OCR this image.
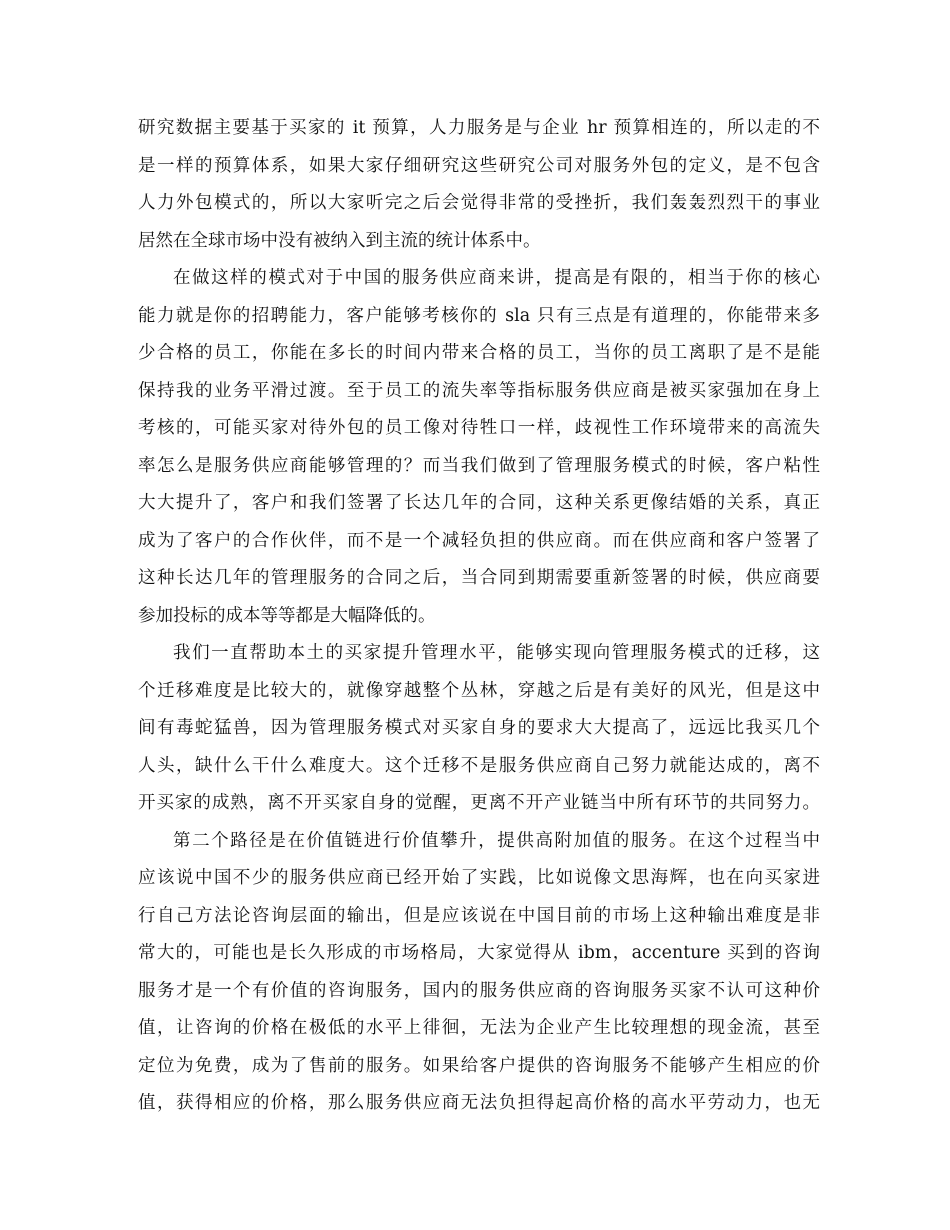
研究数据主要基于买家的 it 预算，人力服务是与企业 hr 预算相连的，所以走的不
是一样的预算体系，如果大家仔细研究这些研究公司对服务外包的定义，是不包含
人力外包模式的，所以大家听完之后会觉得非常的受挫折，我们轰轰烈烈干的事业
居然在全球市场中没有被纳入到主流的统计体系中。
在做这样的模式对于中国的服务供应商来讲，提高是有限的，相当于你的核心
能力就是你的招聘能力，客户能够考核你的 sla 只有三点是有道理的，你能带来多
少合格的员工，你能在多长的时间内带来合格的员工，当你的员工离职了是不是能
保持我的业务平滑过渡。至于员工的流失率等指标服务供应商是被买家强加在身上
考核的，可能买家对待外包的员工像对待牲口一样，歧视性工作环境带来的高流失
率怎么是服务供应商能够管理的？而当我们做到了管理服务模式的时候，客户粘性
大大提升了，客户和我们签署了长达几年的合同，这种关系更像结婚的关系，真正
成为了客户的合作伙伴，而不是一个减轻负担的供应商。而在供应商和客户签署了
这种长达几年的管理服务的合同之后，当合同到期需要重新签署的时候，供应商要
参加投标的成本等等都是大幅降低的。
我们一直帮助本土的买家提升管理水平，能够实现向管理服务模式的迁移，这
个迁移难度是比较大的，就像穿越整个丛林，穿越之后是有美好的风光，但是这中
间有毒蛇猛兽，因为管理服务模式对买家自身的要求大大提高了，远远比我买几个
人头，缺什么干什么难度大。这个迁移不是服务供应商自己努力就能达成的，离不
开买家的成熟，离不开买家自身的觉醒，更离不开产业链当中所有环节的共同努力。
第二个路径是在价值链进行价值攀升，提供高附加值的服务。在这个过程当中
应该说中国不少的服务供应商已经开始了实践，比如说像文思海辉，也在向买家进
行自己方法论咨询层面的输出，但是应该说在中国目前的市场上这种输出难度是非
常大的，可能也是长久形成的市场格局，大家觉得从 ibm，accenture 买到的咨询
服务才是一个有价值的咨询服务，国内的服务供应商的咨询服务买家不认可这种价
值，让咨询的价格在极低的水平上徘徊，无法为企业产生比较理想的现金流，甚至
定位为免费，成为了售前的服务。如果给客户提供的咨询服务不能够产生相应的价
值，获得相应的价格，那么服务供应商无法负担得起高价格的高水平劳动力，也无
